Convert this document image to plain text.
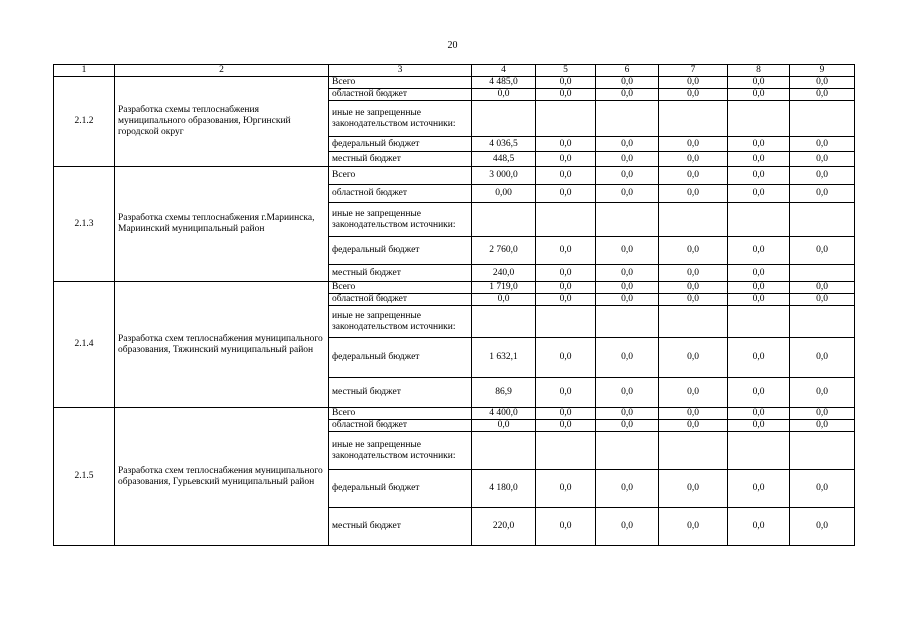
20
1	2	3	4	5	6	7	8	9
2.1.2	Разработка схемы теплоснабжения муниципального образования, Юргинский городской округ	Всего	4 485,0	0,0	0,0	0,0	0,0	0,0
		областной бюджет	0,0	0,0	0,0	0,0	0,0	0,0
		иные не запрещенные законодательством источники:						
		федеральный бюджет	4 036,5	0,0	0,0	0,0	0,0	0,0
		местный бюджет	448,5	0,0	0,0	0,0	0,0	0,0
2.1.3	Разработка схемы теплоснабжения г.Мариинска, Мариинский муниципальный район	Всего	3 000,0	0,0	0,0	0,0	0,0	0,0
		областной бюджет	0,00	0,0	0,0	0,0	0,0	0,0
		иные не запрещенные законодательством источники:						
		федеральный бюджет	2 760,0	0,0	0,0	0,0	0,0	0,0
		местный бюджет	240,0	0,0	0,0	0,0	0,0	
2.1.4	Разработка схем теплоснабжения муниципального образования, Тяжинский муниципальный район	Всего	1 719,0	0,0	0,0	0,0	0,0	0,0
		областной бюджет	0,0	0,0	0,0	0,0	0,0	0,0
		иные не запрещенные законодательством источники:						
		федеральный бюджет	1 632,1	0,0	0,0	0,0	0,0	0,0
		местный бюджет	86,9	0,0	0,0	0,0	0,0	0,0
2.1.5	Разработка схем теплоснабжения муниципального образования, Гурьевский муниципальный район	Всего	4 400,0	0,0	0,0	0,0	0,0	0,0
		областной бюджет	0,0	0,0	0,0	0,0	0,0	0,0
		иные не запрещенные законодательством источники:						
		федеральный бюджет	4 180,0	0,0	0,0	0,0	0,0	0,0
		местный бюджет	220,0	0,0	0,0	0,0	0,0	0,0
